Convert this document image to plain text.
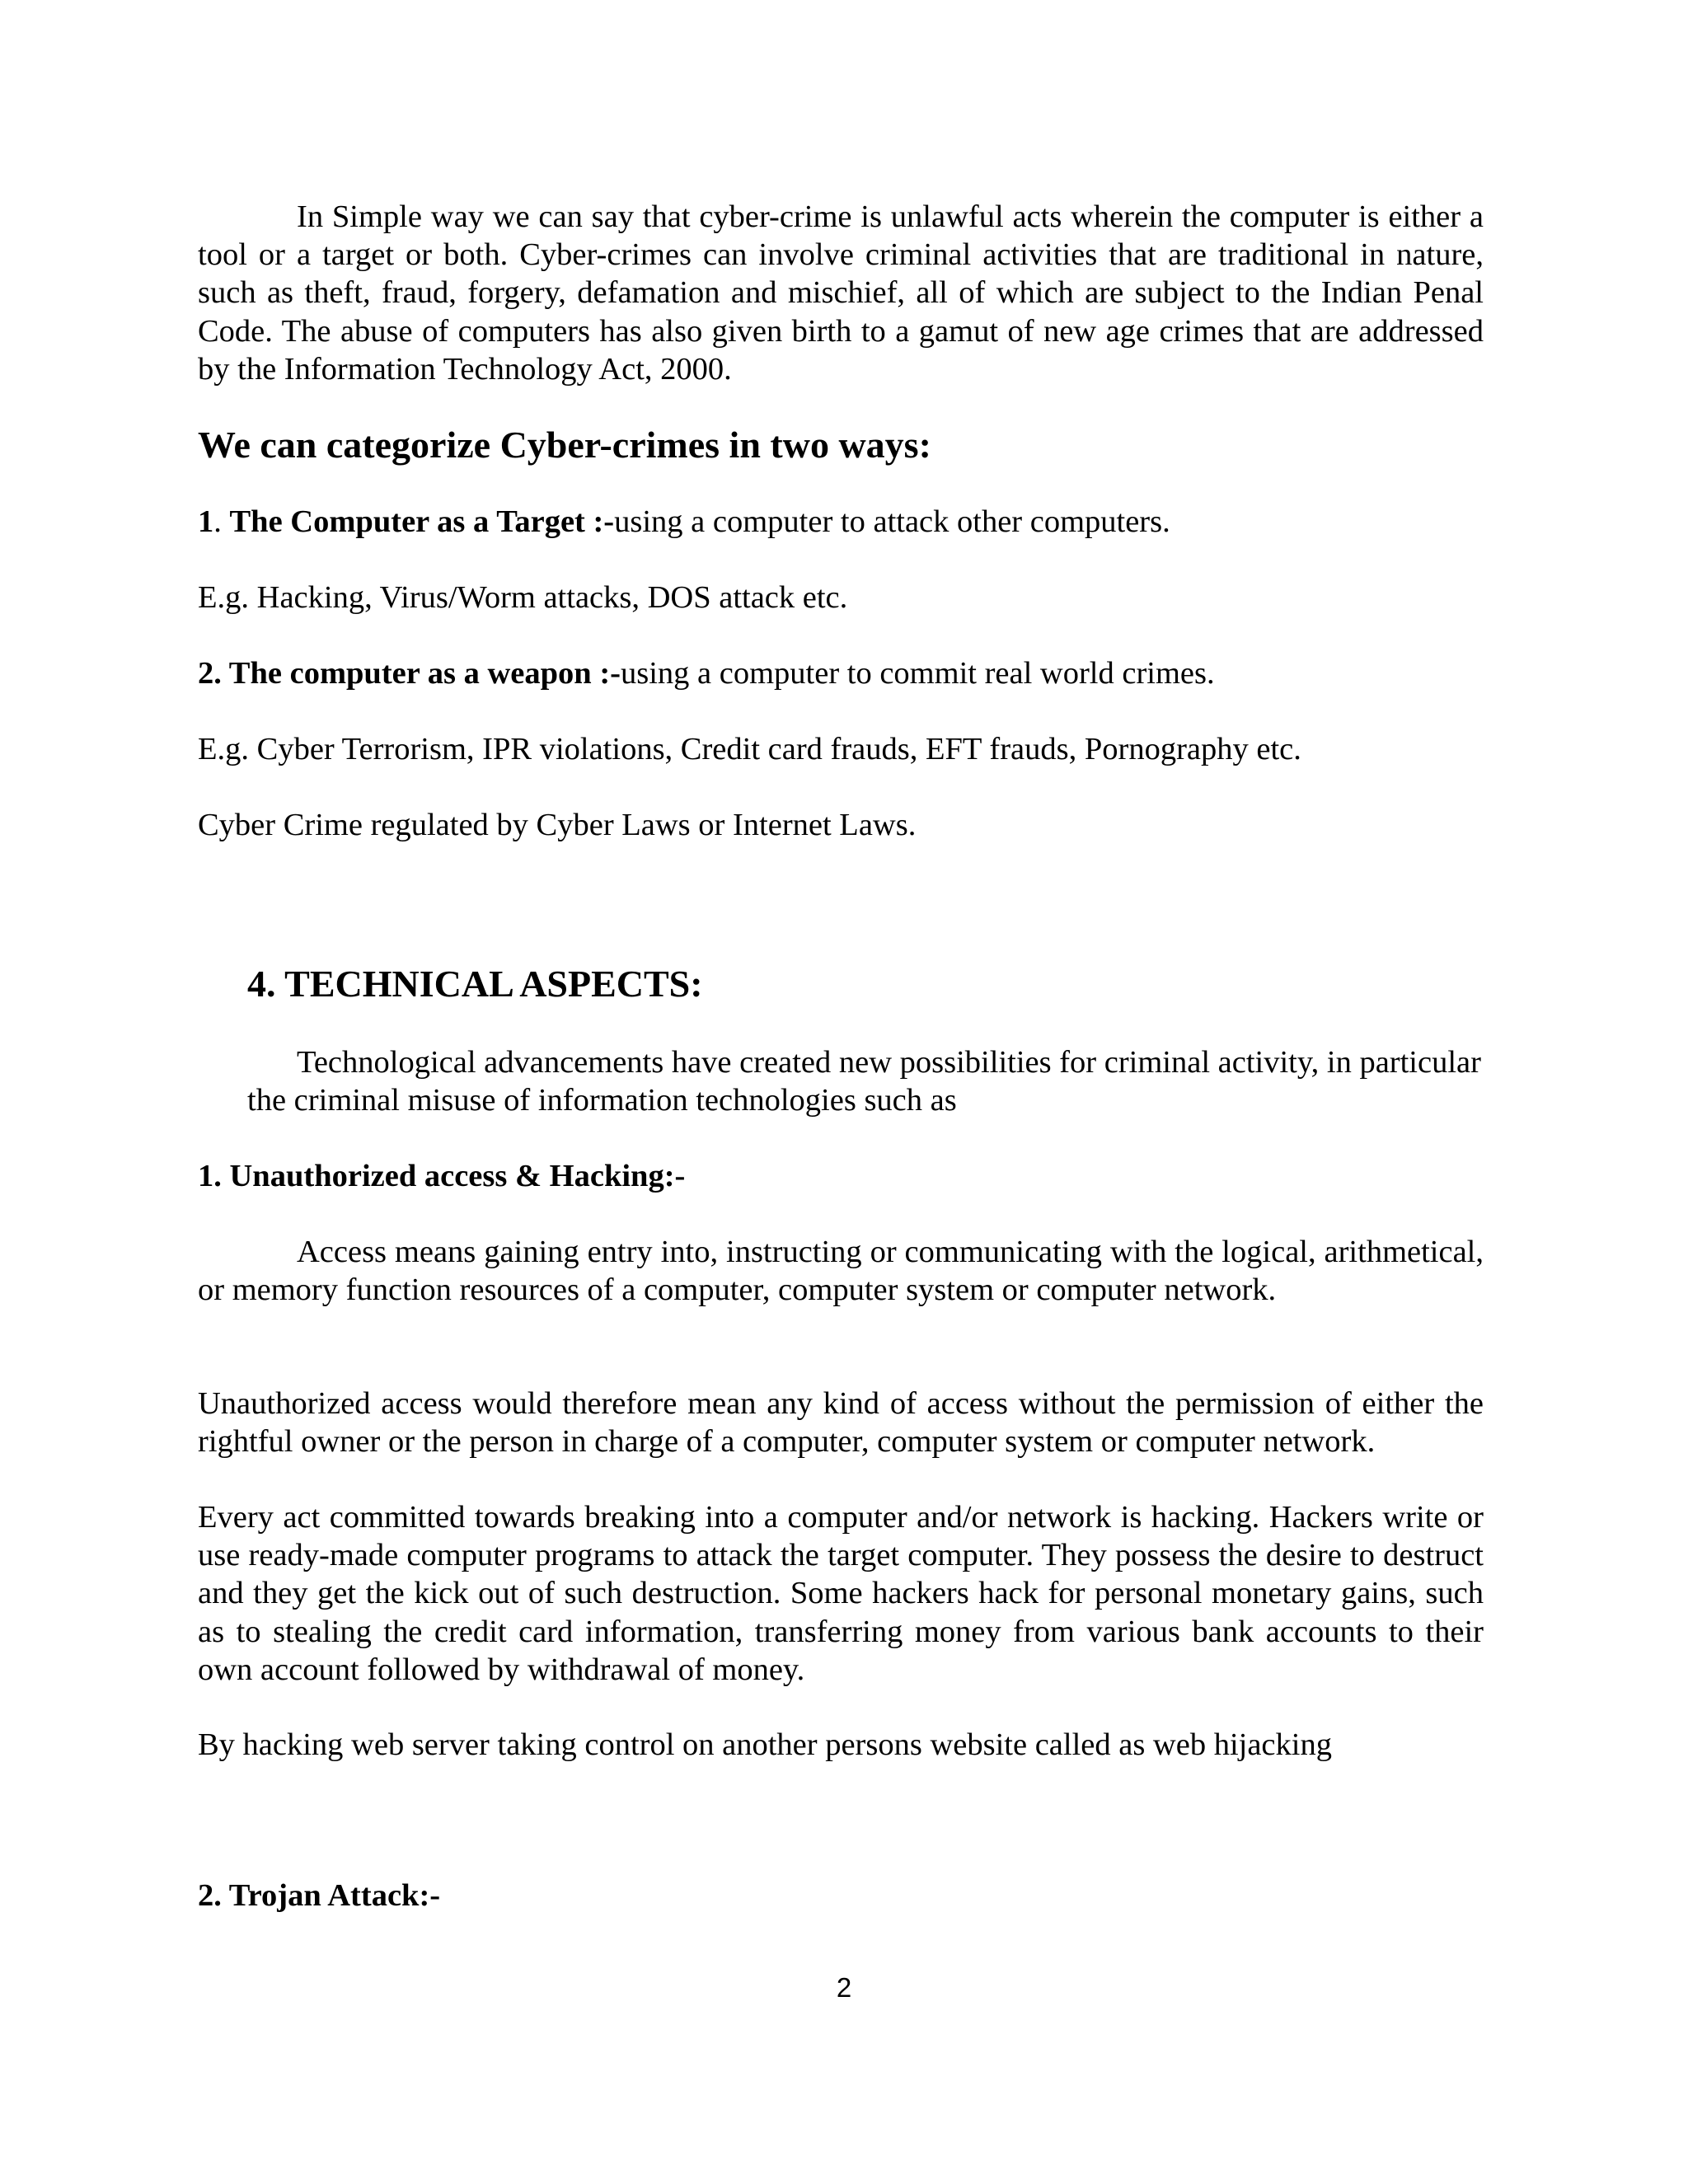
In Simple way we can say that cyber-crime is unlawful acts wherein the computer is either a tool or a target or both. Cyber-crimes can involve criminal activities that are traditional in nature, such as theft, fraud, forgery, defamation and mischief, all of which are subject to the Indian Penal Code. The abuse of computers has also given birth to a gamut of new age crimes that are addressed by the Information Technology Act, 2000.

We can categorize Cyber-crimes in two ways:

1. The Computer as a Target :-using a computer to attack other computers.

E.g. Hacking, Virus/Worm attacks, DOS attack etc.

2. The computer as a weapon :-using a computer to commit real world crimes.

E.g. Cyber Terrorism, IPR violations, Credit card frauds, EFT frauds, Pornography etc.

Cyber Crime regulated by Cyber Laws or Internet Laws.

4. TECHNICAL ASPECTS:

Technological advancements have created new possibilities for criminal activity, in particular the criminal misuse of information technologies such as

1. Unauthorized access & Hacking:-

Access means gaining entry into, instructing or communicating with the logical, arithmetical, or memory function resources of a computer, computer system or computer network.

Unauthorized access would therefore mean any kind of access without the permission of either the rightful owner or the person in charge of a computer, computer system or computer network.

Every act committed towards breaking into a computer and/or network is hacking. Hackers write or use ready-made computer programs to attack the target computer. They possess the desire to destruct and they get the kick out of such destruction. Some hackers hack for personal monetary gains, such as to stealing the credit card information, transferring money from various bank accounts to their own account followed by withdrawal of money.

By hacking web server taking control on another persons website called as web hijacking

2. Trojan Attack:-

2
